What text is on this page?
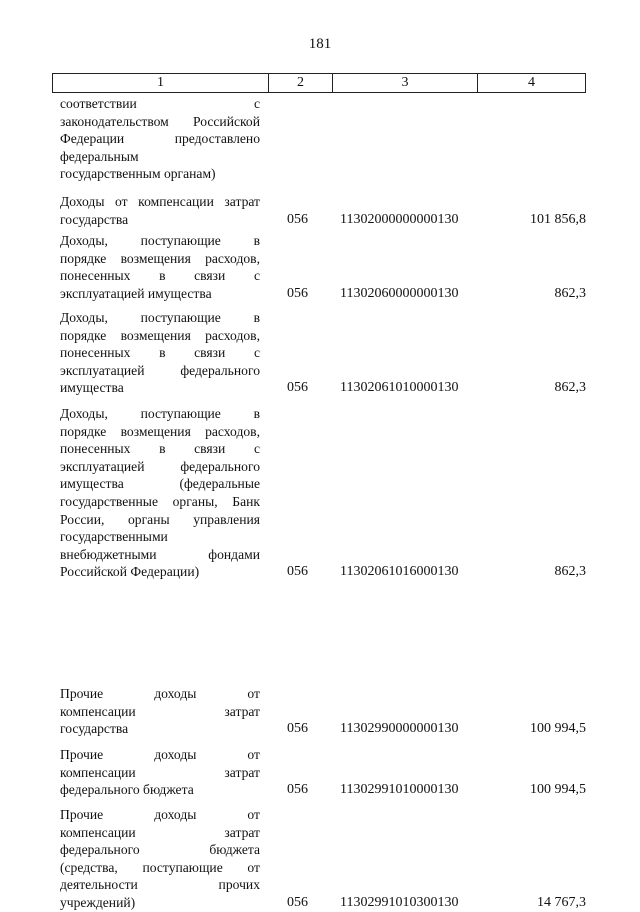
181
1	2	3	4
соответствии с
законодательством Российской
Федерации предоставлено
федеральным
государственным органам)
Доходы от компенсации затрат
государства	056	11302000000000130	101 856,8
Доходы, поступающие в
порядке возмещения расходов,
понесенных в связи с
эксплуатацией имущества	056	11302060000000130	862,3
Доходы, поступающие в
порядке возмещения расходов,
понесенных в связи с
эксплуатацией федерального
имущества	056	11302061010000130	862,3
Доходы, поступающие в
порядке возмещения расходов,
понесенных в связи с
эксплуатацией федерального
имущества (федеральные
государственные органы, Банк
России, органы управления
государственными
внебюджетными фондами
Российской Федерации)	056	11302061016000130	862,3
Прочие доходы от
компенсации затрат
государства	056	11302990000000130	100 994,5
Прочие доходы от
компенсации затрат
федерального бюджета	056	11302991010000130	100 994,5
Прочие доходы от
компенсации затрат
федерального бюджета
(средства, поступающие от
деятельности прочих
учреждений)	056	11302991010300130	14 767,3
